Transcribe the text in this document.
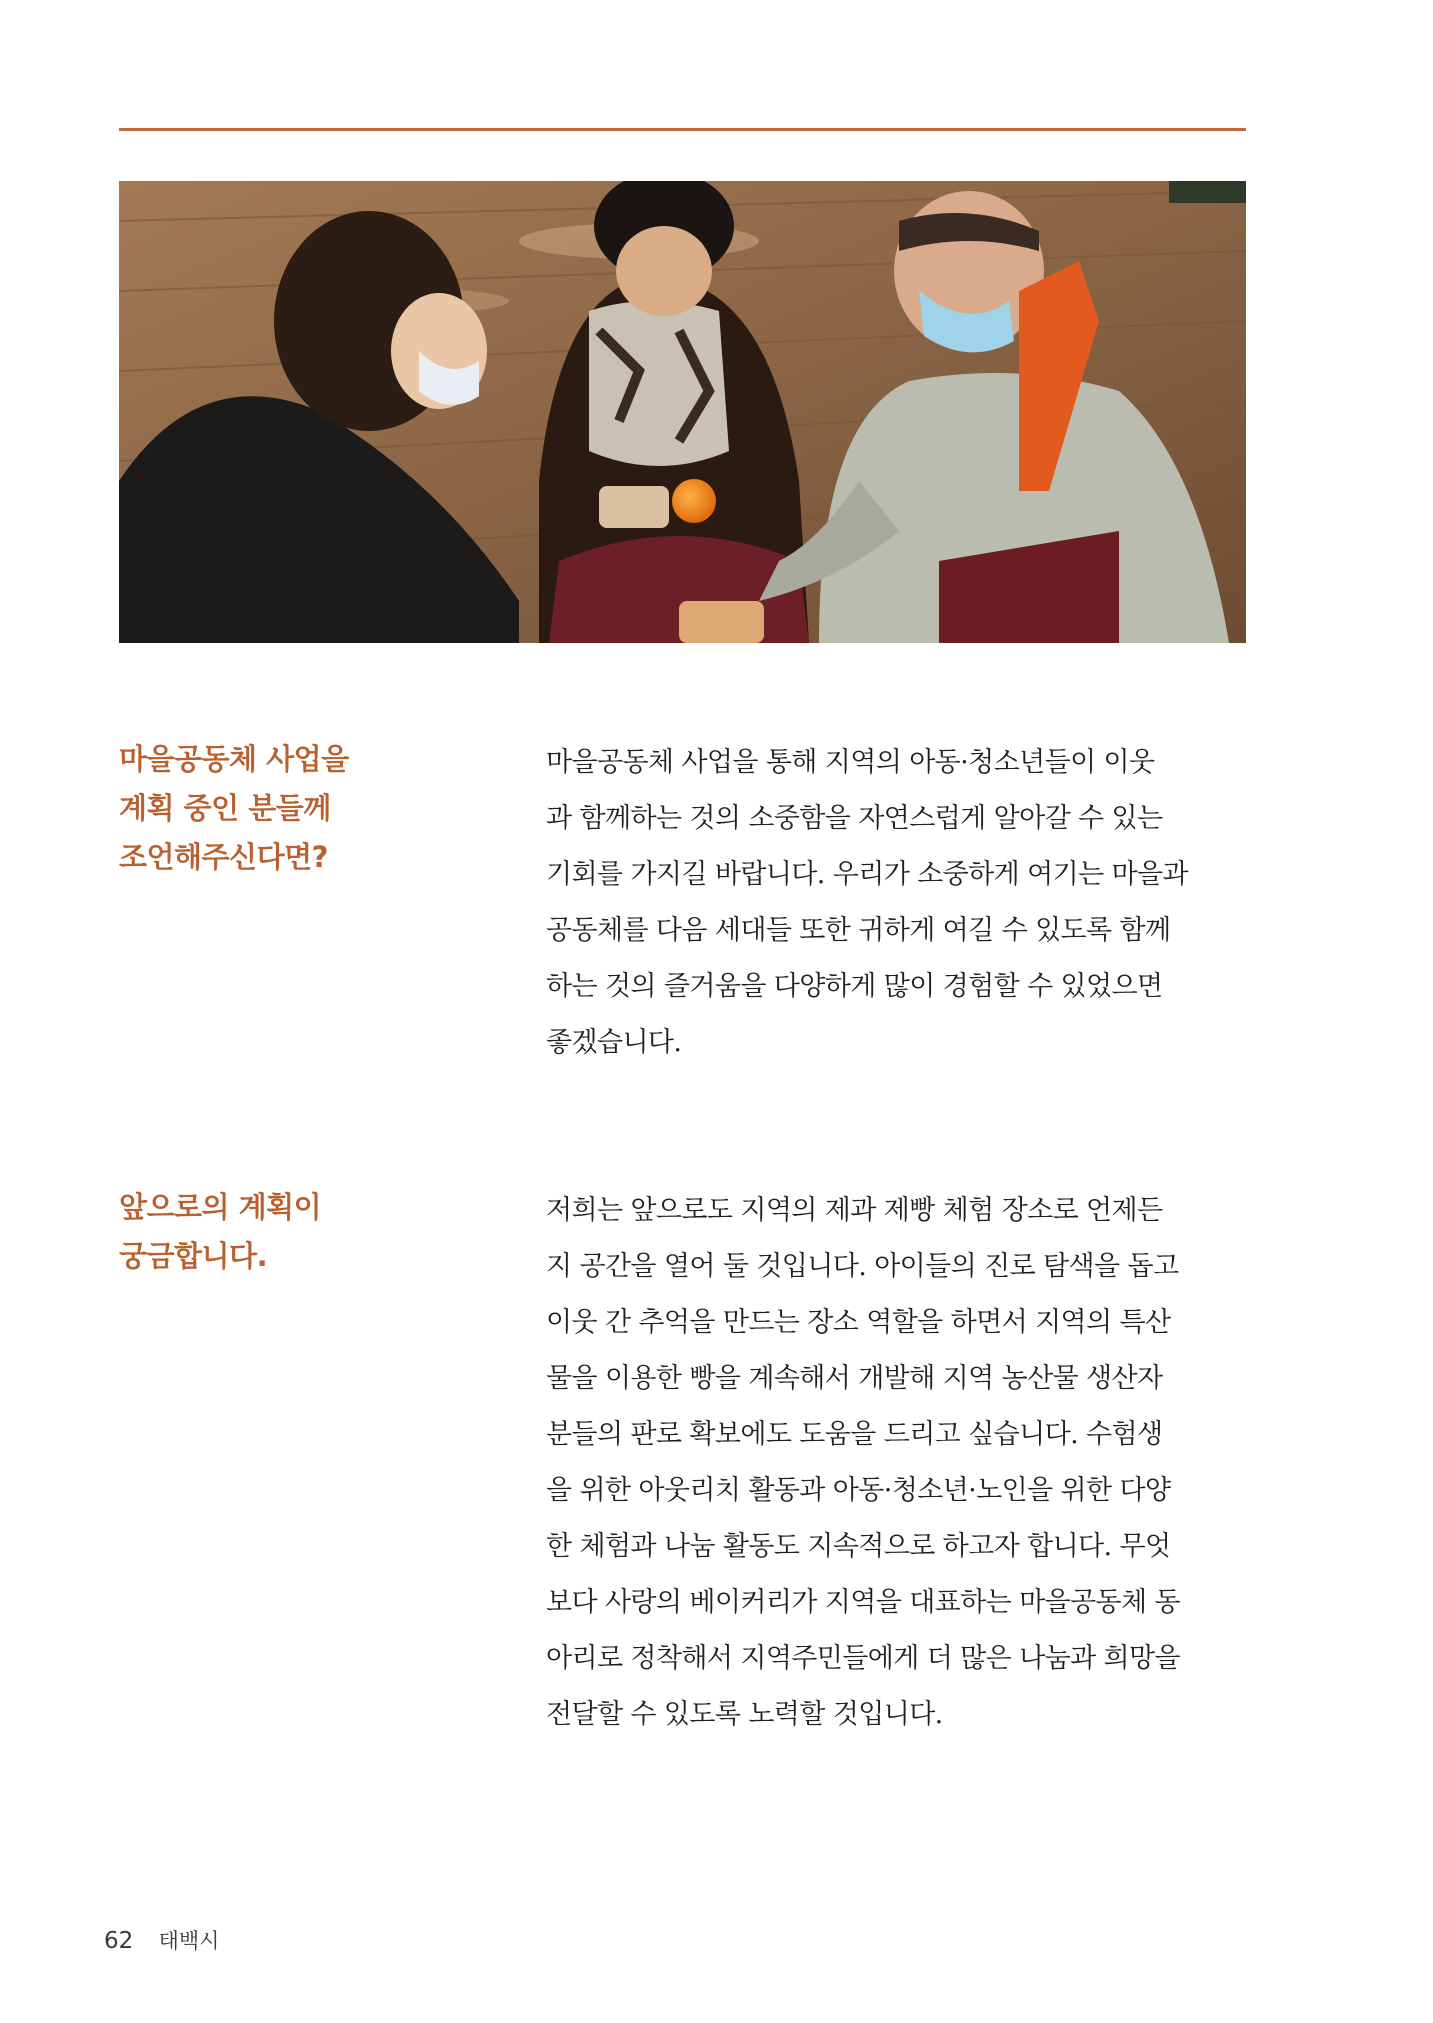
마을공동체 사업을
계획 중인 분들께
조언해주신다면?
마을공동체 사업을 통해 지역의 아동·청소년들이 이웃
과 함께하는 것의 소중함을 자연스럽게 알아갈 수 있는
기회를 가지길 바랍니다. 우리가 소중하게 여기는 마을과
공동체를 다음 세대들 또한 귀하게 여길 수 있도록 함께
하는 것의 즐거움을 다양하게 많이 경험할 수 있었으면
좋겠습니다.
앞으로의 계획이
궁금합니다.
저희는 앞으로도 지역의 제과 제빵 체험 장소로 언제든
지 공간을 열어 둘 것입니다. 아이들의 진로 탐색을 돕고
이웃 간 추억을 만드는 장소 역할을 하면서 지역의 특산
물을 이용한 빵을 계속해서 개발해 지역 농산물 생산자
분들의 판로 확보에도 도움을 드리고 싶습니다. 수험생
을 위한 아웃리치 활동과 아동·청소년·노인을 위한 다양
한 체험과 나눔 활동도 지속적으로 하고자 합니다. 무엇
보다 사랑의 베이커리가 지역을 대표하는 마을공동체 동
아리로 정착해서 지역주민들에게 더 많은 나눔과 희망을
전달할 수 있도록 노력할 것입니다.
62 태백시
